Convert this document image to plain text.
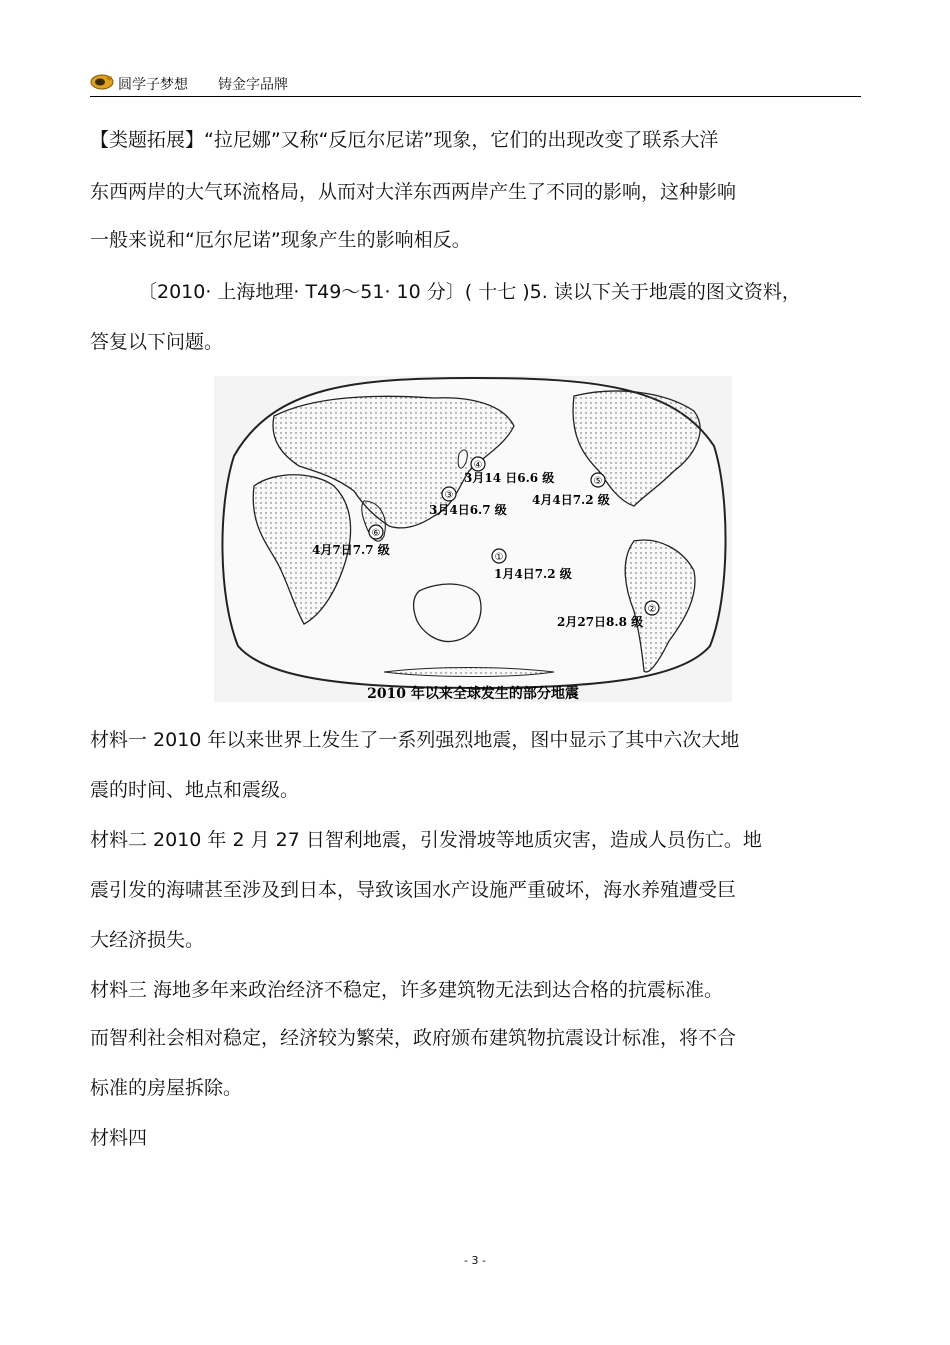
圆学子梦想 铸金字品牌
【类题拓展】“拉尼娜”又称“反厄尔尼诺”现象，它们的出现改变了联系大洋
东西两岸的大气环流格局，从而对大洋东西两岸产生了不同的影响，这种影响
一般来说和“厄尔尼诺”现象产生的影响相反。
〔2010· 上海地理· T49～51· 10 分〕( 十七 )5. 读以下关于地震的图文资料，
答复以下问题。
①
1月4日7.2 级
②
2月27日8.8 级
③
3月4日6.7 级
④
3月14 日6.6 级	⑤
4月4日7.2 级
⑥
4月7日7.7 级
2010 年以来全球发生的部分地震
材料一 2010 年以来世界上发生了一系列强烈地震，图中显示了其中六次大地
震的时间、地点和震级。
材料二 2010 年 2 月 27 日智利地震，引发滑坡等地质灾害，造成人员伤亡。地
震引发的海啸甚至涉及到日本，导致该国水产设施严重破坏，海水养殖遭受巨
大经济损失。
材料三 海地多年来政治经济不稳定，许多建筑物无法到达合格的抗震标准。
而智利社会相对稳定，经济较为繁荣，政府颁布建筑物抗震设计标准，将不合
标准的房屋拆除。
材料四
- 3 -
